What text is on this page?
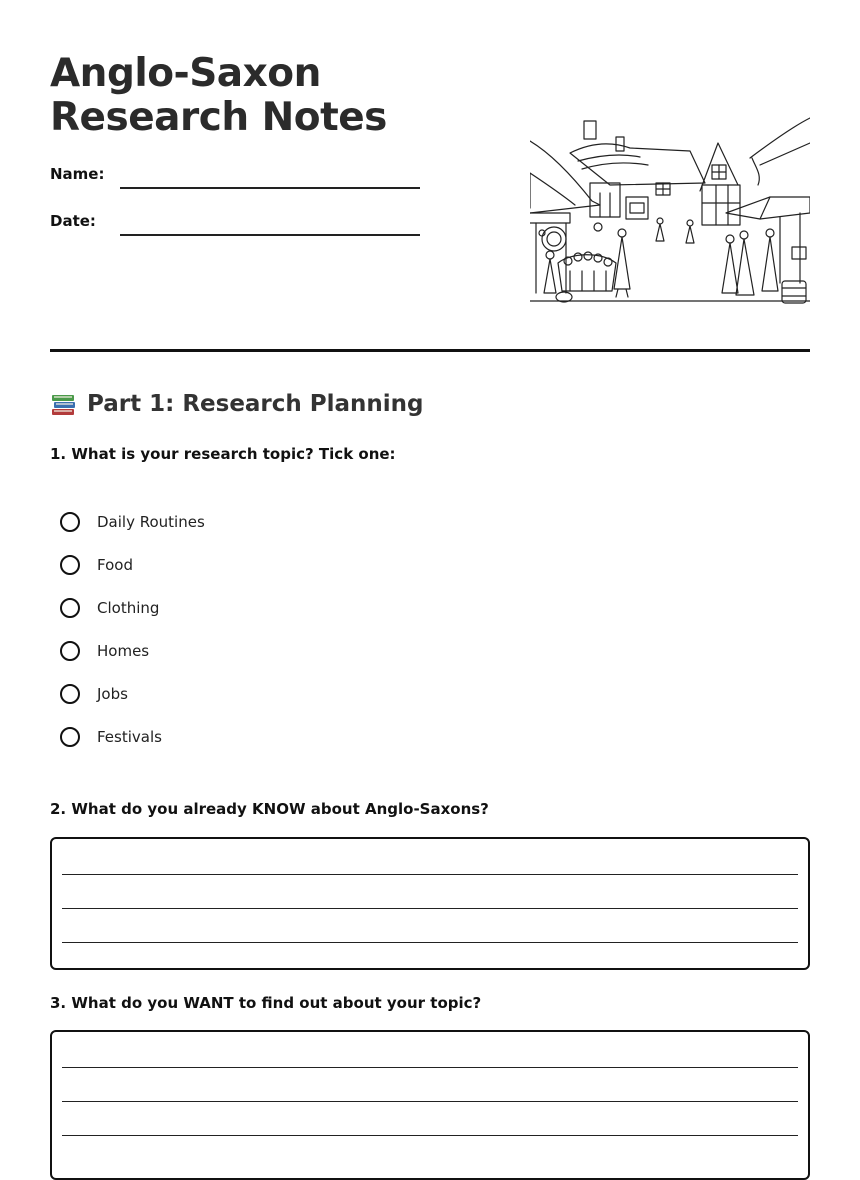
Anglo-Saxon Research Notes
Name:
Date:
Part 1: Research Planning
1. What is your research topic? Tick one:
Daily Routines
Food
Clothing
Homes
Jobs
Festivals
2. What do you already KNOW about Anglo-Saxons?
3. What do you WANT to find out about your topic?
